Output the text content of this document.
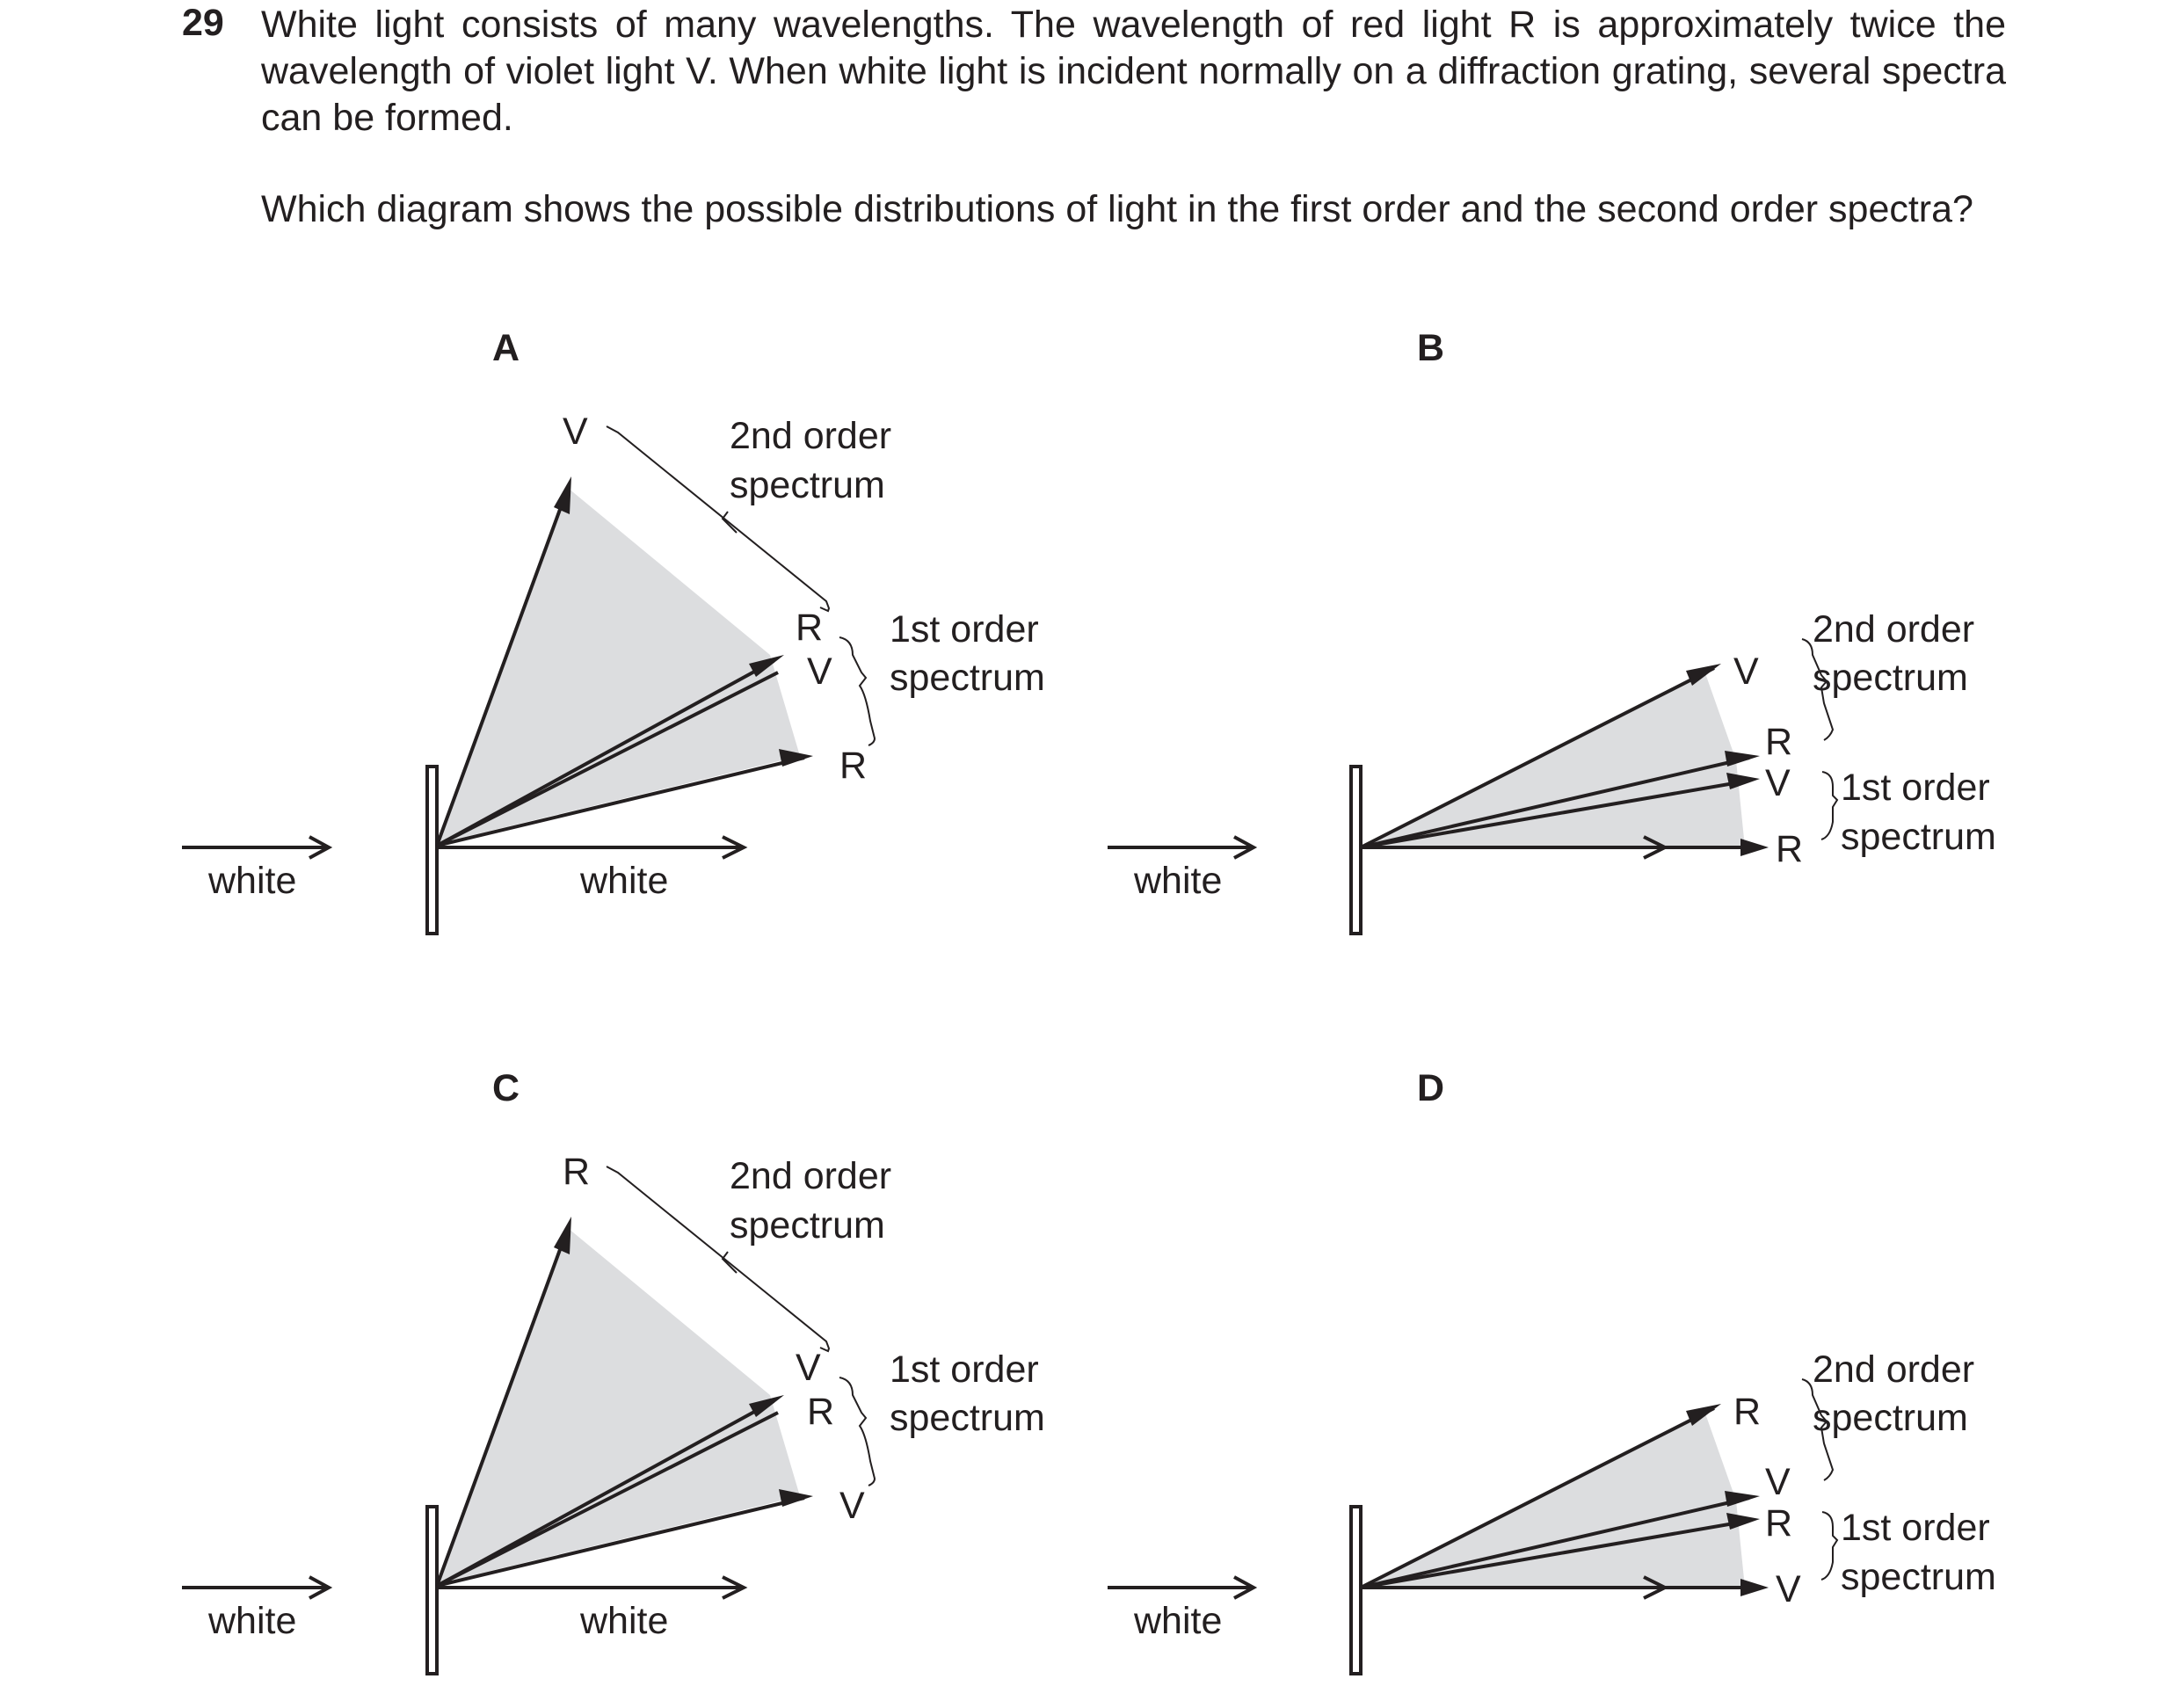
29 White light consists of many wavelengths. The wavelength of red light R is approximately twice the wavelength of violet light V. When white light is incident normally on a diffraction grating, several spectra can be formed.

Which diagram shows the possible distributions of light in the first order and the second order spectra?

A
V
R
V
R
2nd order
spectrum
1st order
spectrum
white	white
B
V
R
V
R
2nd order
spectrum
1st order
spectrum
white
C
R
V
R
V
2nd order
spectrum
1st order
spectrum
white	white
D
R
V
R
V
2nd order
spectrum
1st order
spectrum
white
